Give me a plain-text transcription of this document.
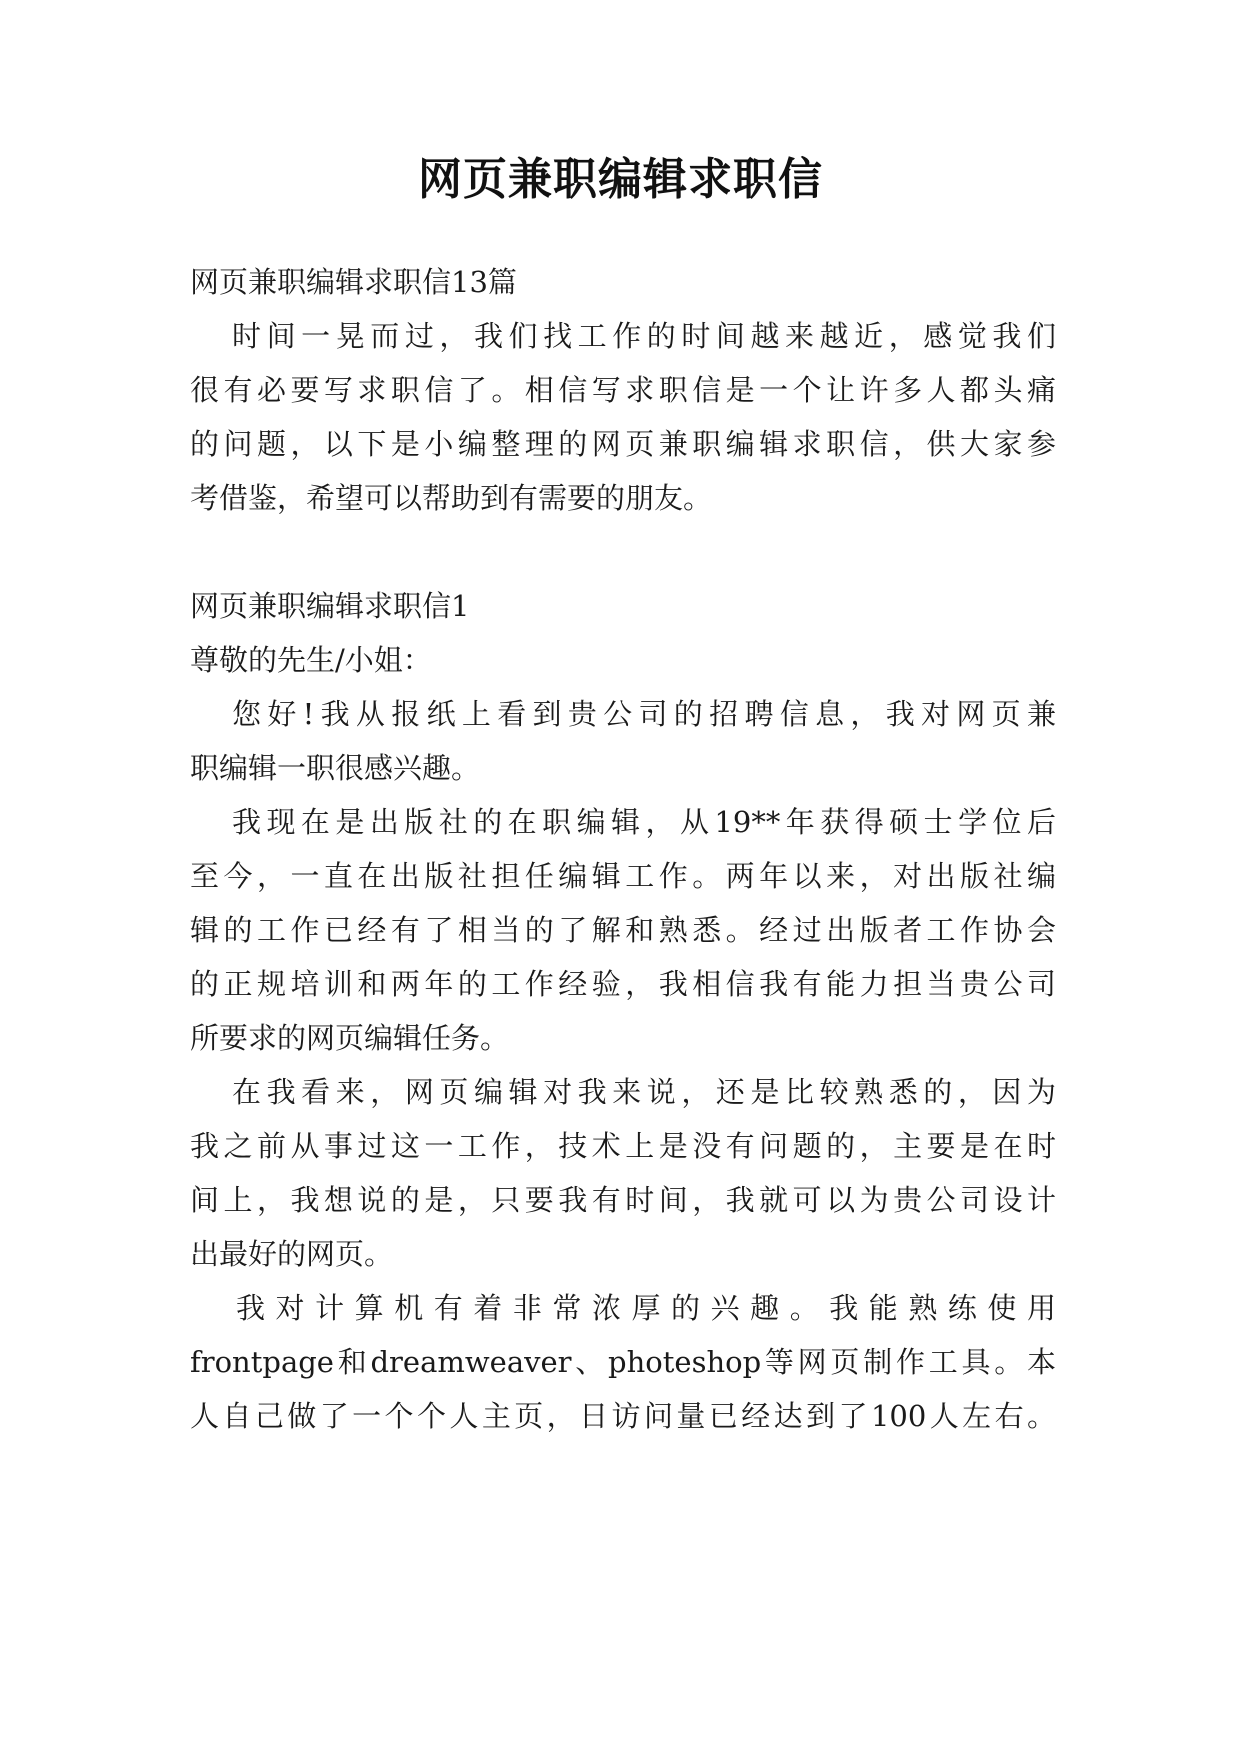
网页兼职编辑求职信
网页兼职编辑求职信13篇
时间一晃而过，我们找工作的时间越来越近，感觉我们
很有必要写求职信了。相信写求职信是一个让许多人都头痛
的问题，以下是小编整理的网页兼职编辑求职信，供大家参
考借鉴，希望可以帮助到有需要的朋友。
网页兼职编辑求职信1
尊敬的先生/小姐：
您好!我从报纸上看到贵公司的招聘信息，我对网页兼
职编辑一职很感兴趣。
我现在是出版社的在职编辑，从19**年获得硕士学位后
至今，一直在出版社担任编辑工作。两年以来，对出版社编
辑的工作已经有了相当的了解和熟悉。经过出版者工作协会
的正规培训和两年的工作经验，我相信我有能力担当贵公司
所要求的网页编辑任务。
在我看来，网页编辑对我来说，还是比较熟悉的，因为
我之前从事过这一工作，技术上是没有问题的，主要是在时
间上，我想说的是，只要我有时间，我就可以为贵公司设计
出最好的网页。
我对计算机有着非常浓厚的兴趣。我能熟练使用
frontpage和dreamweaver、photeshop等网页制作工具。本
人自己做了一个个人主页，日访问量已经达到了100人左右。
